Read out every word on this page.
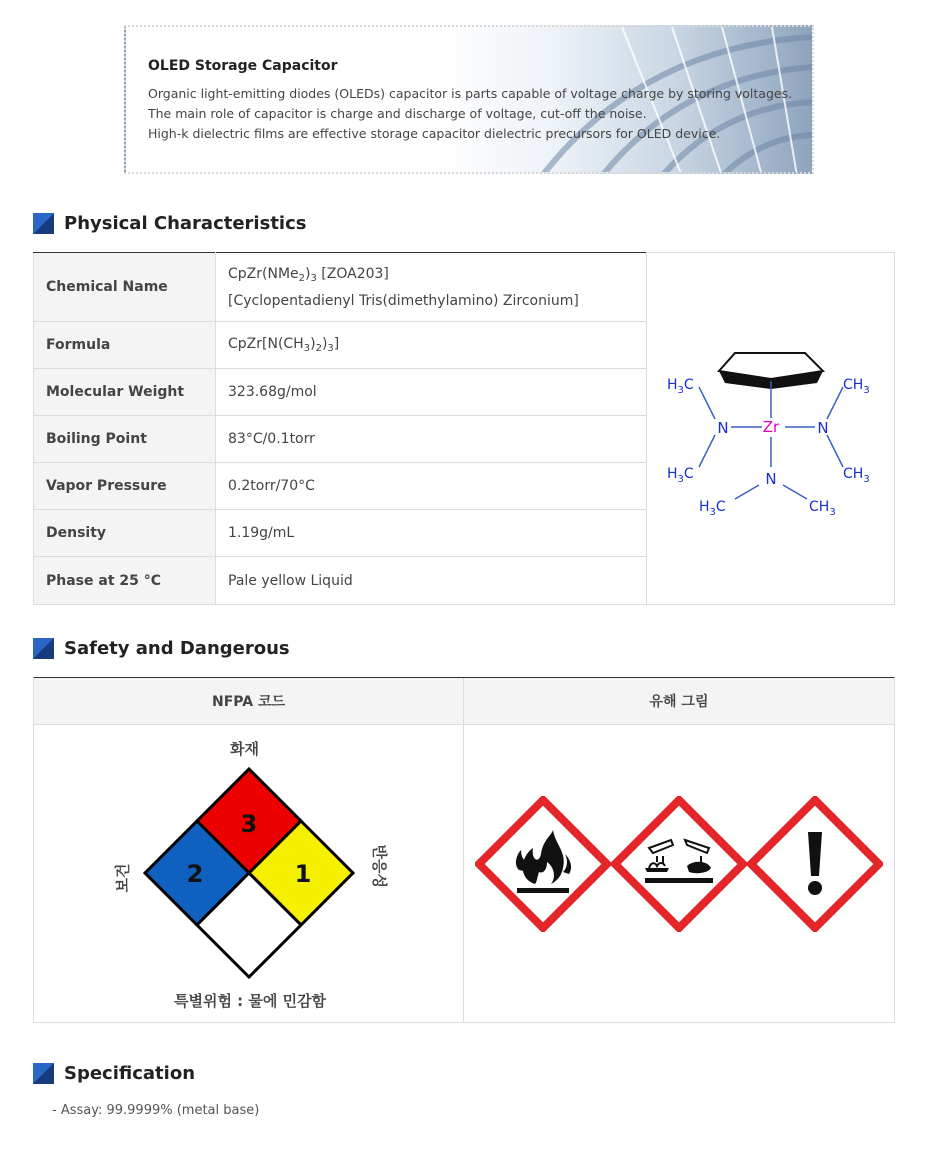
OLED Storage Capacitor
Organic light-emitting diodes (OLEDs) capacitor is parts capable of voltage charge by storing voltages.
The main role of capacitor is charge and discharge of voltage, cut-off the noise.
High-k dielectric films are effective storage capacitor dielectric precursors for OLED device.
Physical Characteristics
Chemical Name	$CpZr(NMe_2)_3$ [ZOA203]
[Cyclopentadienyl Tris(dimethylamino) Zirconium]

Formula	$CpZr[N(CH_3)_2)_3$]
Molecular Weight	323.68g/mol
Boiling Point	83°C/0.1torr
Vapor Pressure	0.2torr/70°C
Density	1.19g/mL
Phase at 25 °C	Pale yellow Liquid
Zr
N	N
N
$H_3C$	$CH_3$
$H_3C$	$CH_3$
$H_3C$	$CH_3$
Safety and Dangerous
NFPA 코드	유해 그림
화재
보건	반응성
특별위험 : 물에 민감함
3
2	1
Specification
- Assay: 99.9999% (metal base)
